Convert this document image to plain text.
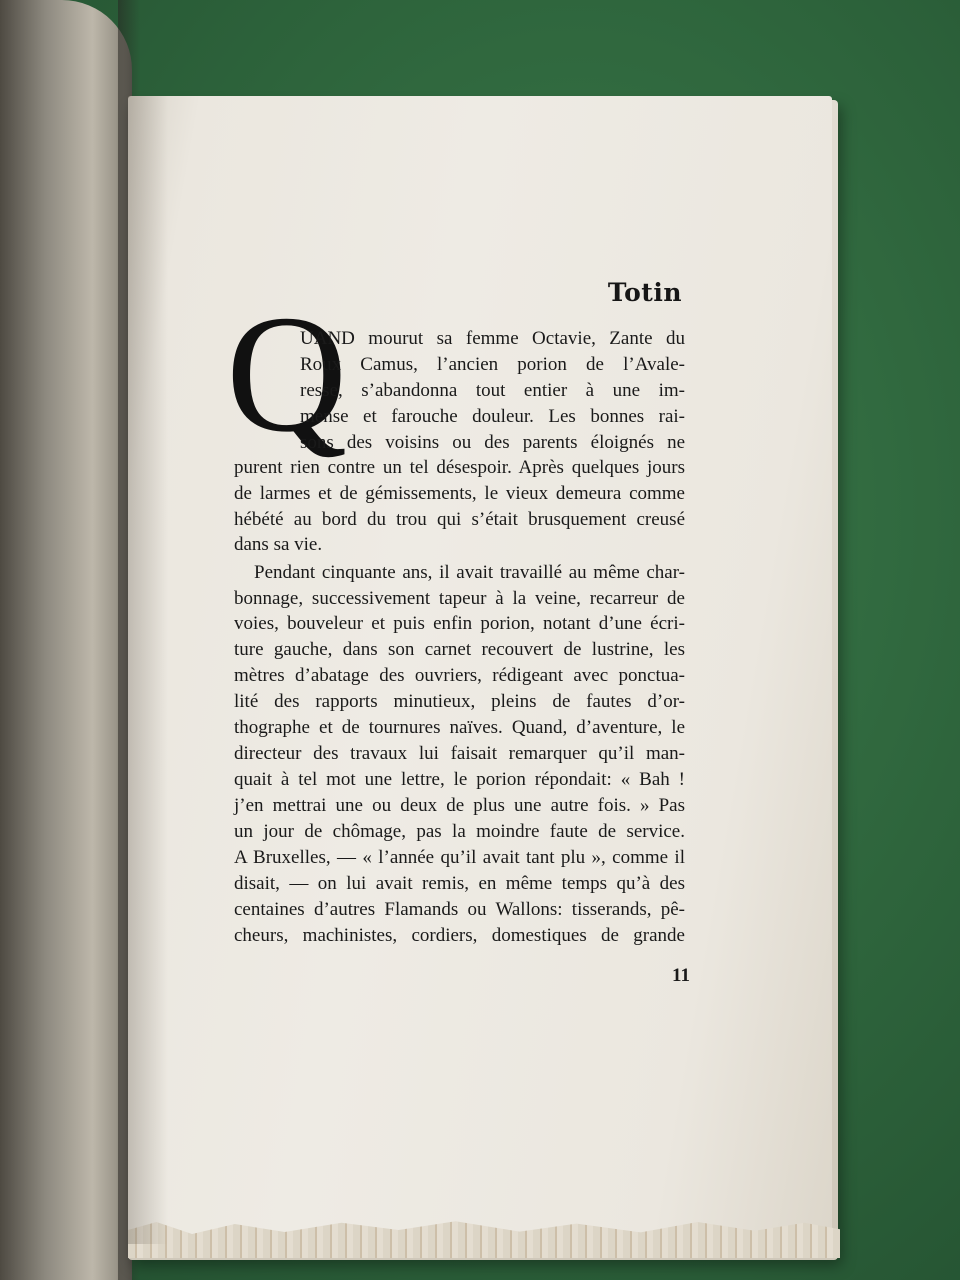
Totin
Q
UAND mourut sa femme Octavie, Zante du
Roux Camus, l’ancien porion de l’Avale-
resse, s’abandonna tout entier à une im-
mense et farouche douleur. Les bonnes rai-
sons des voisins ou des parents éloignés ne
purent rien contre un tel désespoir. Après quelques jours
de larmes et de gémissements, le vieux demeura comme
hébété au bord du trou qui s’était brusquement creusé
dans sa vie.
Pendant cinquante ans, il avait travaillé au même char-
bonnage, successivement tapeur à la veine, recarreur de
voies, bouveleur et puis enfin porion, notant d’une écri-
ture gauche, dans son carnet recouvert de lustrine, les
mètres d’abatage des ouvriers, rédigeant avec ponctua-
lité des rapports minutieux, pleins de fautes d’or-
thographe et de tournures naïves. Quand, d’aventure, le
directeur des travaux lui faisait remarquer qu’il man-
quait à tel mot une lettre, le porion répondait: « Bah !
j’en mettrai une ou deux de plus une autre fois. » Pas
un jour de chômage, pas la moindre faute de service.
A Bruxelles, — « l’année qu’il avait tant plu », comme il
disait, — on lui avait remis, en même temps qu’à des
centaines d’autres Flamands ou Wallons: tisserands, pê-
cheurs, machinistes, cordiers, domestiques de grande
11
